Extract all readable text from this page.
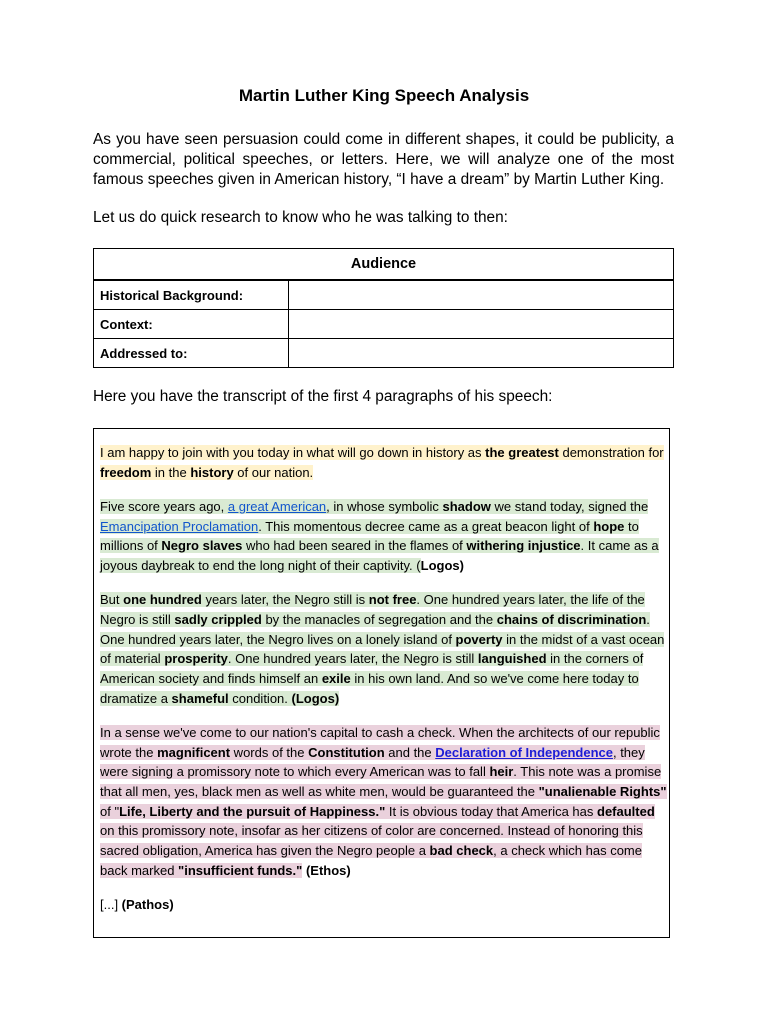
Martin Luther King Speech Analysis
As you have seen persuasion could come in different shapes, it could be publicity, a commercial, political speeches, or letters. Here, we will analyze one of the most famous speeches given in American history, “I have a dream” by Martin Luther King.
Let us do quick research to know who he was talking to then:
Audience	
Historical Background:	
Context:	
Addressed to:	
Here you have the transcript of the first 4 paragraphs of his speech:

I am happy to join with you today in what will go down in history as the greatest demonstration for freedom in the history of our nation.

Five score years ago, a great American, in whose symbolic shadow we stand today, signed the Emancipation Proclamation. This momentous decree came as a great beacon light of hope to millions of Negro slaves who had been seared in the flames of withering injustice. It came as a joyous daybreak to end the long night of their captivity. (Logos)

But one hundred years later, the Negro still is not free. One hundred years later, the life of the Negro is still sadly crippled by the manacles of segregation and the chains of discrimination. One hundred years later, the Negro lives on a lonely island of poverty in the midst of a vast ocean of material prosperity. One hundred years later, the Negro is still languished in the corners of American society and finds himself an exile in his own land. And so we've come here today to dramatize a shameful condition. (Logos)

In a sense we've come to our nation's capital to cash a check. When the architects of our republic wrote the magnificent words of the Constitution and the Declaration of Independence, they were signing a promissory note to which every American was to fall heir. This note was a promise that all men, yes, black men as well as white men, would be guaranteed the "unalienable Rights" of "Life, Liberty and the pursuit of Happiness." It is obvious today that America has defaulted on this promissory note, insofar as her citizens of color are concerned. Instead of honoring this sacred obligation, America has given the Negro people a bad check, a check which has come back marked "insufficient funds." (Ethos)

[...] (Pathos)
